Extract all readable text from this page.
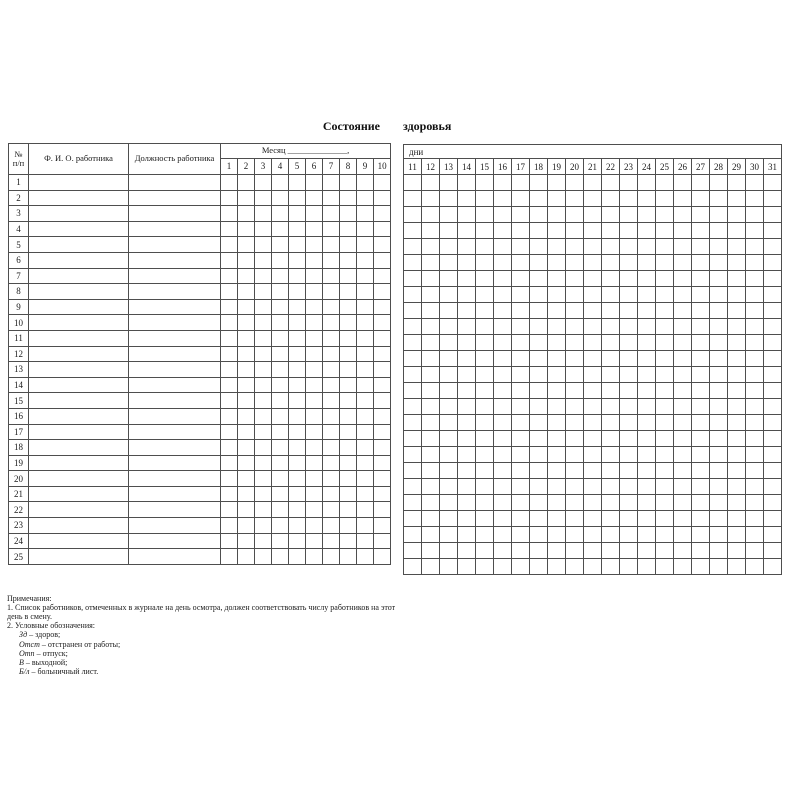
Состояние здоровья
№
п/п	Ф. И. О. работника	Должность работника	Месяц ______________,									
			1	2	3	4	5	6	7	8	9	10
1												
2												
3												
4												
5												
6												
7												
8												
9												
10												
11												
12												
13												
14												
15												
16												
17												
18												
19												
20												
21												
22												
23												
24												
25												
дни																				
11	12	13	14	15	16	17	18	19	20	21	22	23	24	25	26	27	28	29	30	31

Примечания:
1. Список работников, отмеченных в журнале на день осмотра, должен соответствовать числу работников на этот день в смену.
2. Условные обозначения:
Зд – здоров;
Отст – отстранен от работы;
Отп – отпуск;
В – выходной;
Б/л – больничный лист.
